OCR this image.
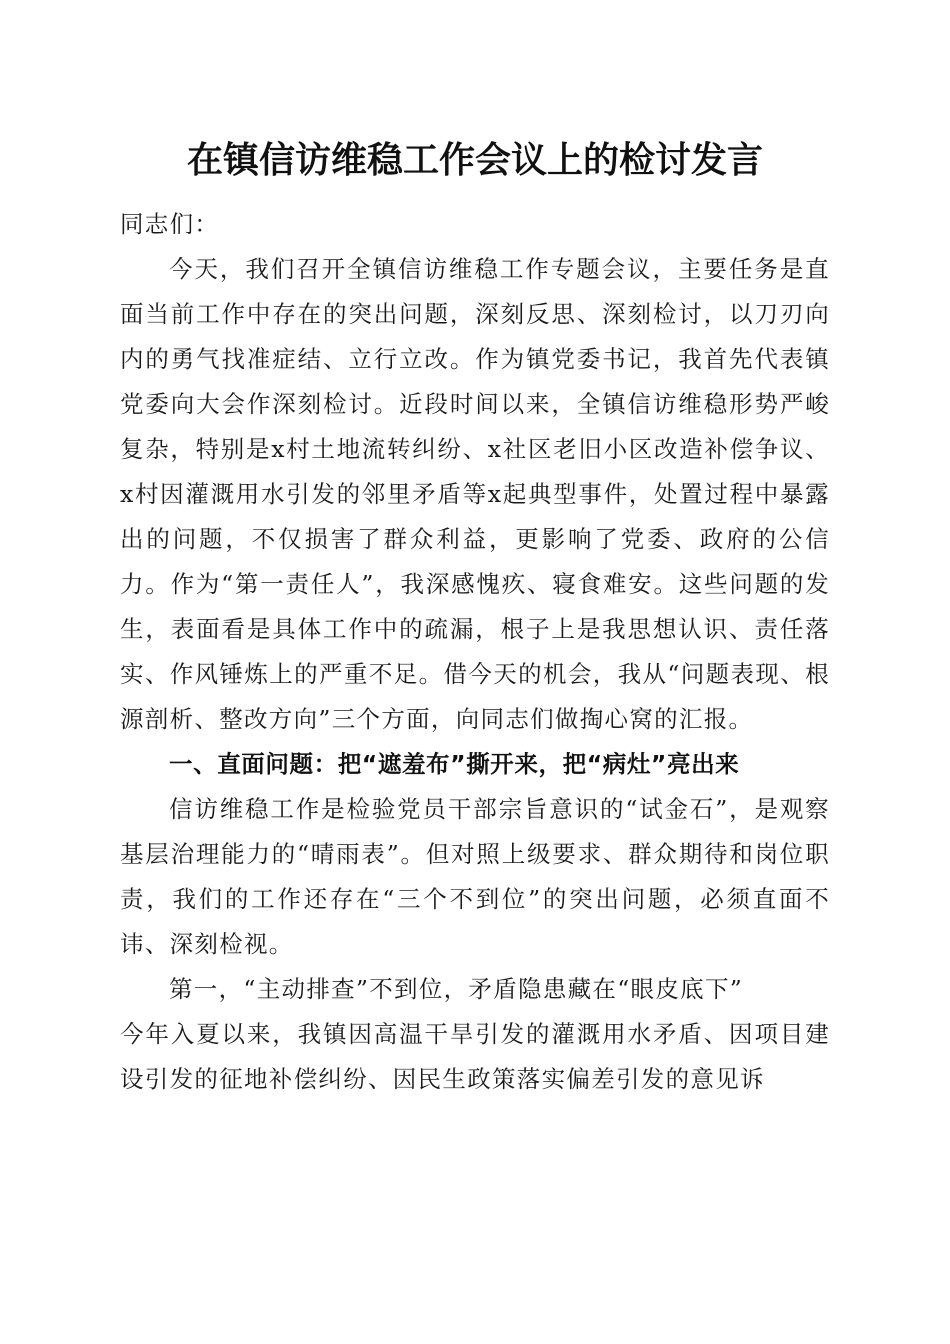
在镇信访维稳工作会议上的检讨发言

同志们：

今天，我们召开全镇信访维稳工作专题会议，主要任务是直面当前工作中存在的突出问题，深刻反思、深刻检讨，以刀刃向内的勇气找准症结、立行立改。作为镇党委书记，我首先代表镇党委向大会作深刻检讨。近段时间以来，全镇信访维稳形势严峻复杂，特别是x村土地流转纠纷、x社区老旧小区改造补偿争议、x村因灌溉用水引发的邻里矛盾等x起典型事件，处置过程中暴露出的问题，不仅损害了群众利益，更影响了党委、政府的公信力。作为“第一责任人”，我深感愧疚、寝食难安。这些问题的发生，表面看是具体工作中的疏漏，根子上是我思想认识、责任落实、作风锤炼上的严重不足。借今天的机会，我从“问题表现、根源剖析、整改方向”三个方面，向同志们做掏心窝的汇报。

一、直面问题：把“遮羞布”撕开来，把“病灶”亮出来

信访维稳工作是检验党员干部宗旨意识的“试金石”，是观察基层治理能力的“晴雨表”。但对照上级要求、群众期待和岗位职责，我们的工作还存在“三个不到位”的突出问题，必须直面不讳、深刻检视。

第一，“主动排查”不到位，矛盾隐患藏在“眼皮底下”

今年入夏以来，我镇因高温干旱引发的灌溉用水矛盾、因项目建设引发的征地补偿纠纷、因民生政策落实偏差引发的意见诉
